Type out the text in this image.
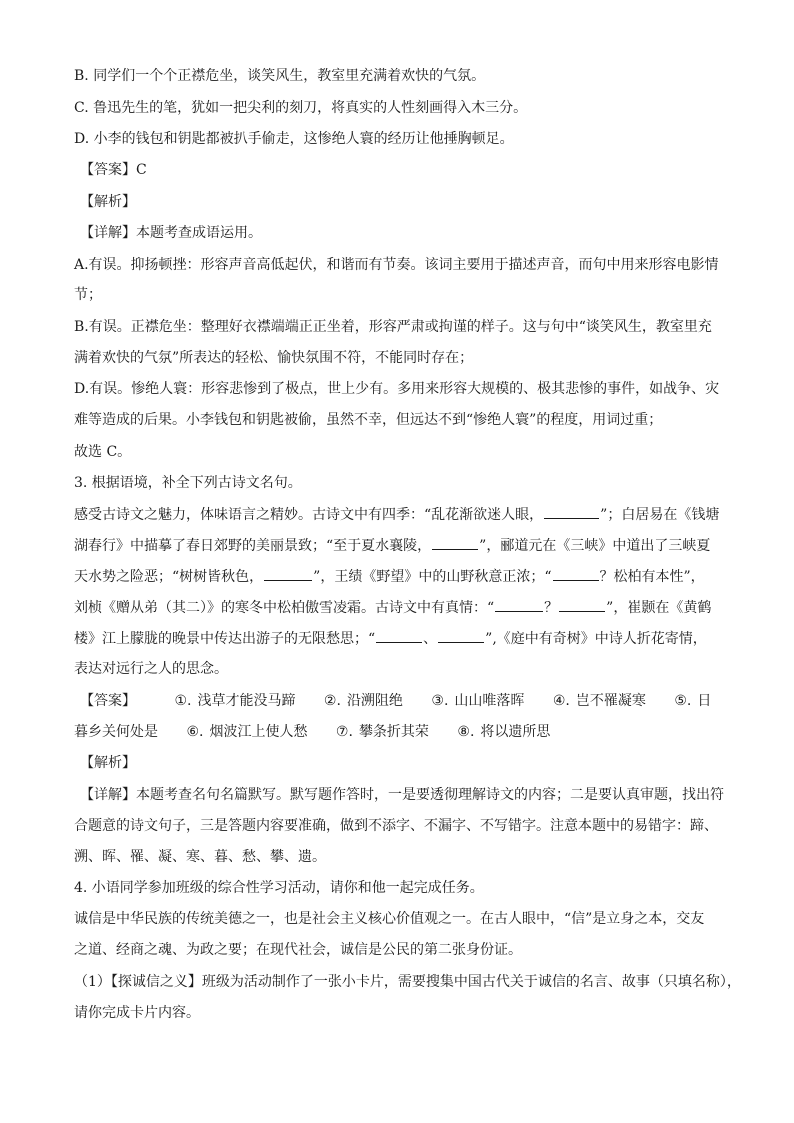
B. 同学们一个个正襟危坐，谈笑风生，教室里充满着欢快的气氛。
C. 鲁迅先生的笔，犹如一把尖利的刻刀，将真实的人性刻画得入木三分。
D. 小李的钱包和钥匙都被扒手偷走，这惨绝人寰的经历让他捶胸顿足。
【答案】C
【解析】
【详解】本题考查成语运用。
A.有误。抑扬顿挫：形容声音高低起伏，和谐而有节奏。该词主要用于描述声音，而句中用来形容电影情
节；
B.有误。正襟危坐：整理好衣襟端端正正坐着，形容严肃或拘谨的样子。这与句中“谈笑风生，教室里充
满着欢快的气氛”所表达的轻松、愉快氛围不符，不能同时存在；
D.有误。惨绝人寰：形容悲惨到了极点，世上少有。多用来形容大规模的、极其悲惨的事件，如战争、灾
难等造成的后果。小李钱包和钥匙被偷，虽然不幸，但远达不到“惨绝人寰”的程度，用词过重；
故选 C。
3. 根据语境，补全下列古诗文名句。
感受古诗文之魅力，体味语言之精妙。古诗文中有四季：“乱花渐欲迷人眼，	”；白居易在《钱塘
湖春行》中描摹了春日郊野的美丽景致；“至于夏水襄陵，	”，郦道元在《三峡》中道出了三峡夏
天水势之险恶；“树树皆秋色，	”，王绩《野望》中的山野秋意正浓；“	？松柏有本性”，
刘桢《赠从弟（其二）》的寒冬中松柏傲雪凌霜。古诗文中有真情：“	？	”，崔颢在《黄鹤
楼》江上朦胧的晚景中传达出游子的无限愁思；“	、	”,《庭中有奇树》中诗人折花寄情，
表达对远行之人的思念。
【答案】	①. 浅草才能没马蹄 ②. 沿溯阻绝 ③. 山山唯落晖 ④. 岂不罹凝寒 ⑤. 日
暮乡关何处是 ⑥. 烟波江上使人愁 ⑦. 攀条折其荣 ⑧. 将以遗所思
【解析】
【详解】本题考查名句名篇默写。默写题作答时，一是要透彻理解诗文的内容；二是要认真审题，找出符
合题意的诗文句子，三是答题内容要准确，做到不添字、不漏字、不写错字。注意本题中的易错字：蹄、
溯、晖、罹、凝、寒、暮、愁、攀、遗。
4. 小语同学参加班级的综合性学习活动，请你和他一起完成任务。
诚信是中华民族的传统美德之一，也是社会主义核心价值观之一。在古人眼中，“信”是立身之本，交友
之道、经商之魂、为政之要；在现代社会，诚信是公民的第二张身份证。
（1）【探诚信之义】班级为活动制作了一张小卡片，需要搜集中国古代关于诚信的名言、故事（只填名称），
请你完成卡片内容。
